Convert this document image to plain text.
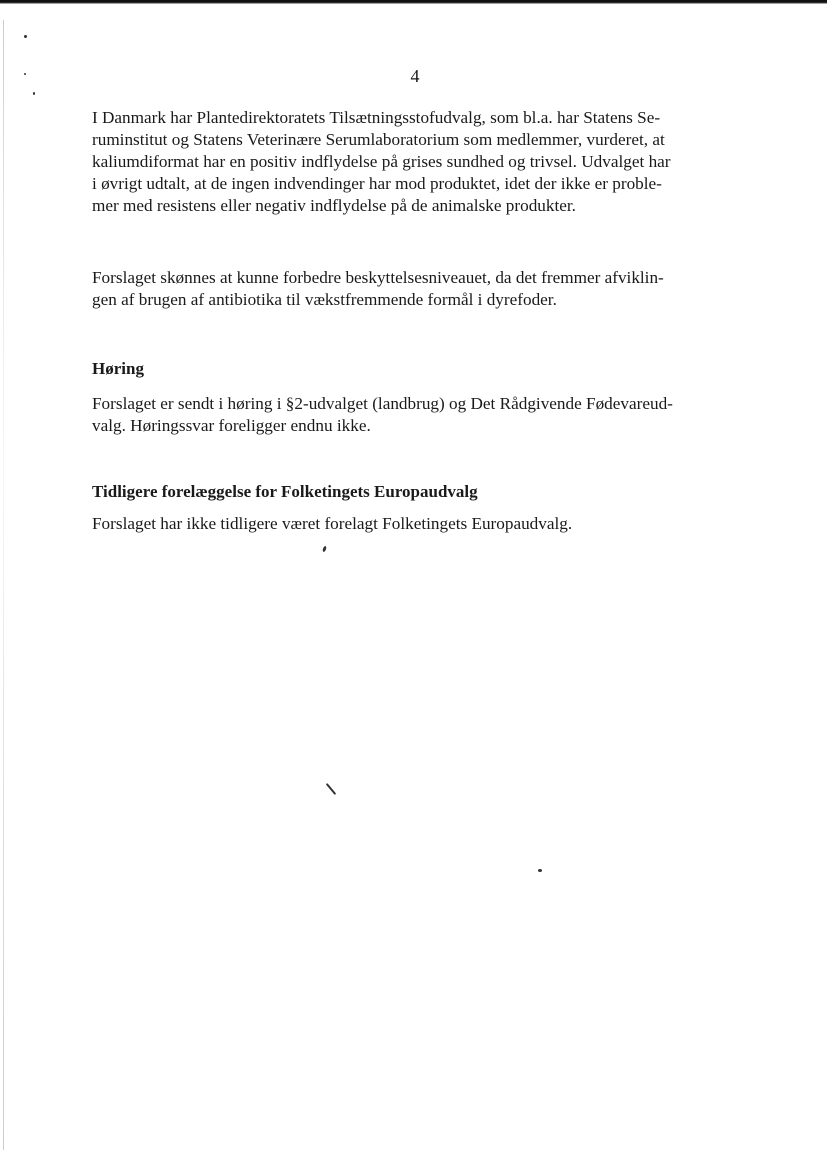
4
I Danmark har Plantedirektoratets Tilsætningsstofudvalg, som bl.a. har Statens Se-
ruminstitut og Statens Veterinære Serumlaboratorium som medlemmer, vurderet, at
kaliumdiformat har en positiv indflydelse på grises sundhed og trivsel. Udvalget har
i øvrigt udtalt, at de ingen indvendinger har mod produktet, idet der ikke er proble-
mer med resistens eller negativ indflydelse på de animalske produkter.
Forslaget skønnes at kunne forbedre beskyttelsesniveauet, da det fremmer afviklin-
gen af brugen af antibiotika til vækstfremmende formål i dyrefoder.
Høring
Forslaget er sendt i høring i §2-udvalget (landbrug) og Det Rådgivende Fødevareud-
valg. Høringssvar foreligger endnu ikke.
Tidligere forelæggelse for Folketingets Europaudvalg
Forslaget har ikke tidligere været forelagt Folketingets Europaudvalg.
